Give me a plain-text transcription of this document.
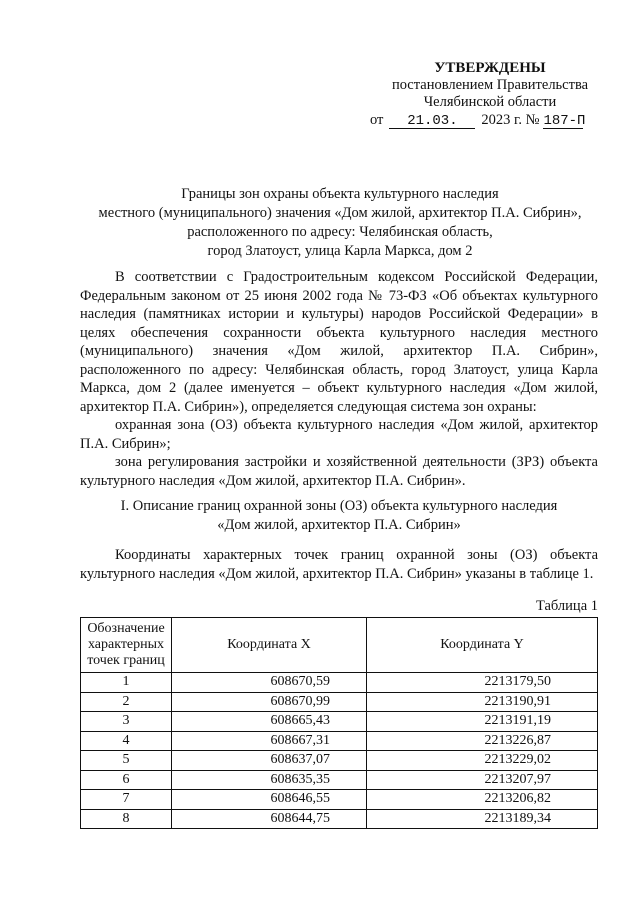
УТВЕРЖДЕНЫ
постановлением Правительства
Челябинской области
от 21.03. 2023 г. № 187-П
Границы зон охраны объекта культурного наследия
местного (муниципального) значения «Дом жилой, архитектор П.А. Сибрин»,
расположенного по адресу: Челябинская область,
город Златоуст, улица Карла Маркса, дом 2
В соответствии с Градостроительным кодексом Российской Федерации, Федеральным законом от 25 июня 2002 года № 73-ФЗ «Об объектах культурного наследия (памятниках истории и культуры) народов Российской Федерации» в целях обеспечения сохранности объекта культурного наследия местного (муниципального) значения «Дом жилой, архитектор П.А. Сибрин», расположенного по адресу: Челябинская область, город Златоуст, улица Карла Маркса, дом 2 (далее именуется – объект культурного наследия «Дом жилой, архитектор П.А. Сибрин»), определяется следующая система зон охраны:
охранная зона (ОЗ) объекта культурного наследия «Дом жилой, архитектор П.А. Сибрин»;
зона регулирования застройки и хозяйственной деятельности (ЗРЗ) объекта культурного наследия «Дом жилой, архитектор П.А. Сибрин».
I. Описание границ охранной зоны (ОЗ) объекта культурного наследия
«Дом жилой, архитектор П.А. Сибрин»
Координаты характерных точек границ охранной зоны (ОЗ) объекта культурного наследия «Дом жилой, архитектор П.А. Сибрин» указаны в таблице 1.
Таблица 1
Обозначение характерных точек границ	Координата X	Координата Y
1	608670,59	2213179,50
2	608670,99	2213190,91
3	608665,43	2213191,19
4	608667,31	2213226,87
5	608637,07	2213229,02
6	608635,35	2213207,97
7	608646,55	2213206,82
8	608644,75	2213189,34
